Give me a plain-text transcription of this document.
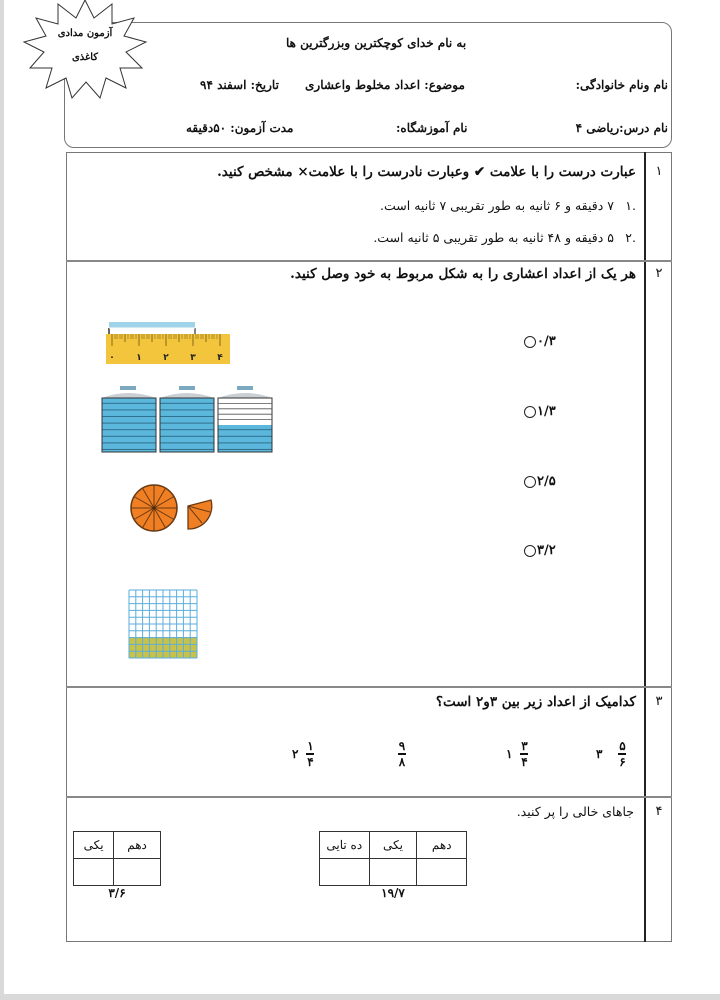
آزمون مدادی
کاغذی
به نام خدای کوچکترین وبزرگترین ها
نام ونام خانوادگی:
موضوع: اعداد مخلوط واعشاری
تاریخ: اسفند ۹۴
نام درس:ریاضی ۴
نام آموزشگاه:
مدت آزمون: ۵۰دقیقه
۱
عبارت درست را با علامت ✔ وعبارت نادرست را با علامت× مشخص کنید.
.۱۷ دقیقه و ۶ ثانیه به طور تقریبی ۷ ثانیه است.
.۲۵ دقیقه و ۴۸ ثانیه به طور تقریبی ۵ ثانیه است.
۲
هر یک از اعداد اعشاری را به شکل مربوط به خود وصل کنید.
۰/۳
۱/۳
۲/۵
۳/۲
۰ ۱ ۲ ۳ ۴
۳
کدامیک از اعداد زیر بین ۳و۲ است؟
۲ $\frac{۱}{۴}$	$\frac{۹}{۸}$	۱ $\frac{۳}{۴}$	۳ $\frac{۵}{۶}$
۴
جاهای خالی را پر کنید.
ده تایی	یکی	دهم

۱۹/۷
یکی	دهم

۳/۶
